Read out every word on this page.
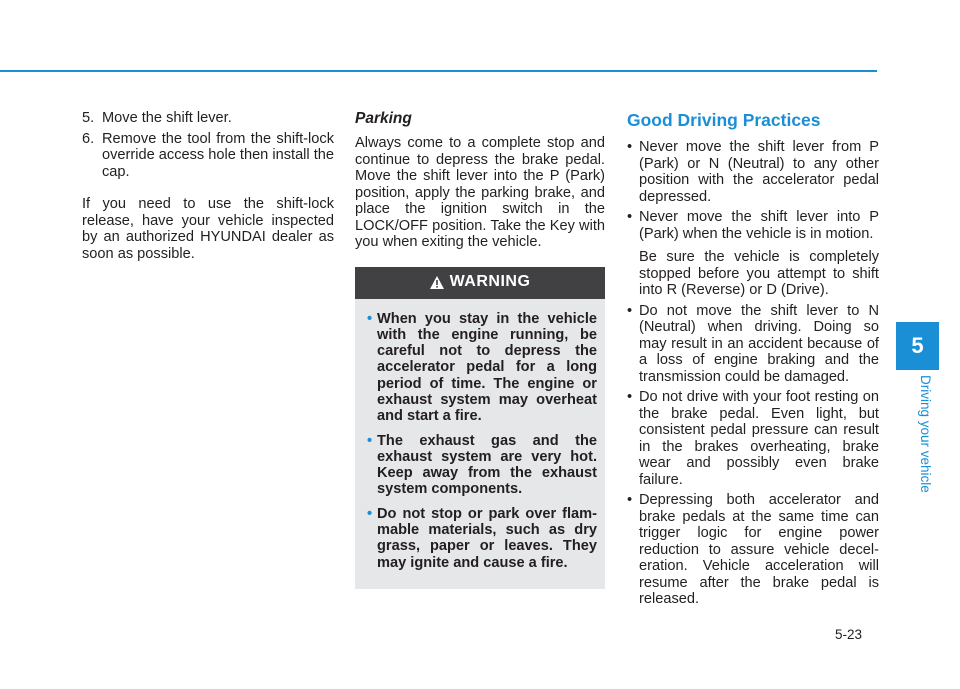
5. Move the shift lever.
6. Remove the tool from the shift-lock override access hole then install the cap.

If you need to use the shift-lock release, have your vehicle inspected by an authorized HYUNDAI dealer as soon as possible.

Parking

Always come to a complete stop and continue to depress the brake pedal. Move the shift lever into the P (Park) position, apply the parking brake, and place the ignition switch in the LOCK/OFF position. Take the Key with you when exiting the vehicle.

WARNING
• When you stay in the vehicle with the engine running, be careful not to depress the accelerator pedal for a long period of time. The engine or exhaust system may overheat and start a fire.
• The exhaust gas and the exhaust system are very hot. Keep away from the exhaust system components.
• Do not stop or park over flam-mable materials, such as dry grass, paper or leaves. They may ignite and cause a fire.
Good Driving Practices
• Never move the shift lever from P (Park) or N (Neutral) to any other position with the accelerator pedal depressed.
• Never move the shift lever into P (Park) when the vehicle is in motion.
Be sure the vehicle is completely stopped before you attempt to shift into R (Reverse) or D (Drive).
• Do not move the shift lever to N (Neutral) when driving. Doing so may result in an accident because of a loss of engine braking and the transmission could be damaged.
• Do not drive with your foot resting on the brake pedal. Even light, but consistent pedal pressure can result in the brakes overheating, brake wear and possibly even brake failure.
• Depressing both accelerator and brake pedals at the same time can trigger logic for engine power reduction to assure vehicle decel-eration. Vehicle acceleration will resume after the brake pedal is released.
5
Driving your vehicle
5-23
